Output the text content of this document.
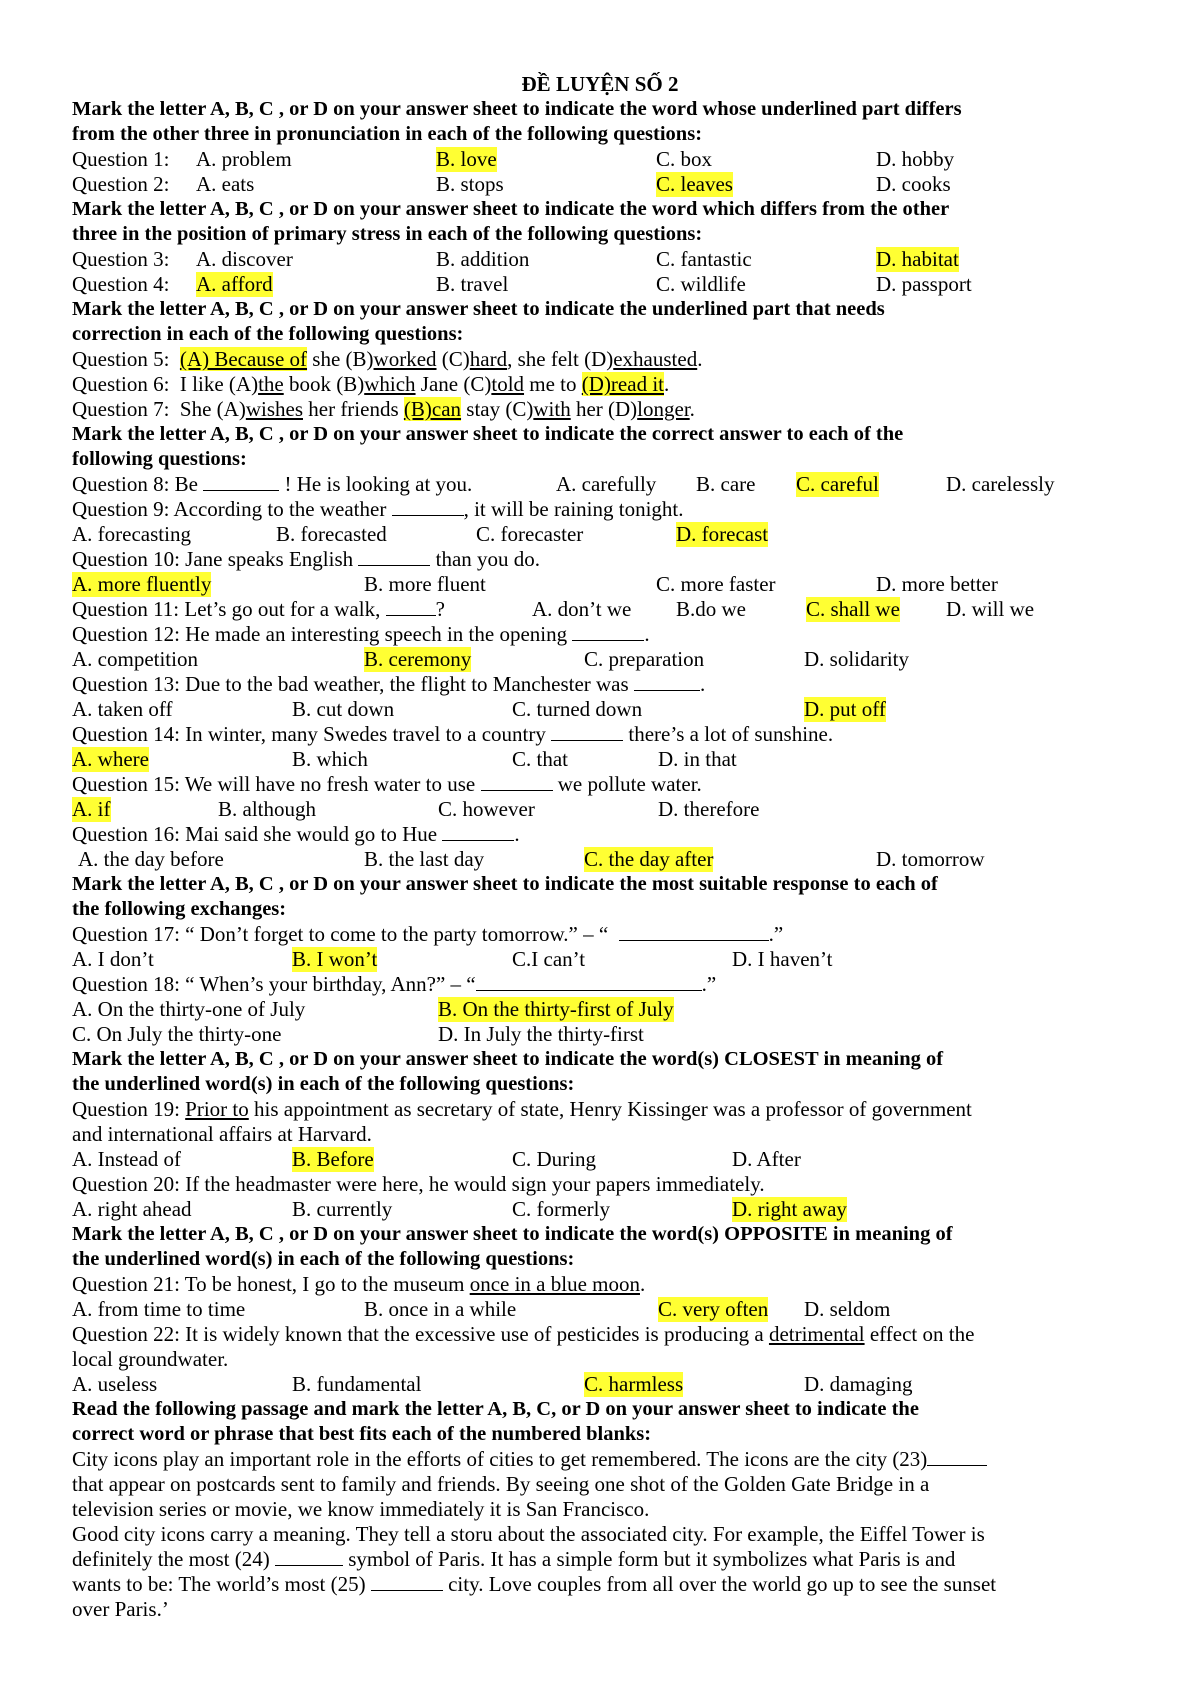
ĐỀ LUYỆN SỐ 2
Mark the letter A, B, C , or D on your answer sheet to indicate the word whose underlined part differs
from the other three in pronunciation in each of the following questions:
Question 1: A. problem	B. love	C. box	D. hobby
Question 2: A. eats	B. stops	C. leaves	D. cooks
Mark the letter A, B, C , or D on your answer sheet to indicate the word which differs from the other
three in the position of primary stress in each of the following questions:
Question 3: A. discover	B. addition	C. fantastic	D. habitat
Question 4: A. afford	B. travel	C. wildlife	D. passport
Mark the letter A, B, C , or D on your answer sheet to indicate the underlined part that needs
correction in each of the following questions:
Question 5: (A) Because of she (B)worked (C)hard, she felt (D)exhausted.
Question 6:  I like (A)the book (B)which Jane (C)told me to (D)read it.
Question 7:  She (A)wishes her friends (B)can stay (C)with her (D)longer.
Mark the letter A, B, C , or D on your answer sheet to indicate the correct answer to each of the
following questions:
Question 8: Be	! He is looking at you.	A. carefully B. care C. careful	D. carelessly
Question 9: According to the weather	, it will be raining tonight.
A. forecasting	B. forecasted	C. forecaster	D. forecast
Question 10: Jane speaks English	than you do.
A. more fluently	B. more fluent	C. more faster	D. more better
Question 11: Let’s go out for a walk, ?	A. don’t we B.do we	C. shall we D. will we
Question 12: He made an interesting speech in the opening	.
A. competition	B. ceremony	C. preparation	D. solidarity
Question 13: Due to the bad weather, the flight to Manchester was	.
A. taken off	B. cut down	C. turned down	D. put off
Question 14: In winter, many Swedes travel to a country	there’s a lot of sunshine.
A. where	B. which	C. that	D. in that
Question 15: We will have no fresh water to use	we pollute water.
A. if	B. although	C. however	D. therefore
Question 16: Mai said she would go to Hue	.
A. the day before	B. the last day	C. the day after	D. tomorrow
Mark the letter A, B, C , or D on your answer sheet to indicate the most suitable response to each of
the following exchanges:
Question 17: “ Don’t forget to come to the party tomorrow.” – “	.”
A. I don’t	B. I won’t	C.I can’t	D. I haven’t
Question 18: “ When’s your birthday, Ann?” – “	.”
A. On the thirty-one of July	B. On the thirty-first of July
C. On July the thirty-one	D. In July the thirty-first
Mark the letter A, B, C , or D on your answer sheet to indicate the word(s) CLOSEST in meaning of
the underlined word(s) in each of the following questions:
Question 19: Prior to his appointment as secretary of state, Henry Kissinger was a professor of government
and international affairs at Harvard.
A. Instead of	B. Before	C. During	D. After
Question 20: If the headmaster were here, he would sign your papers immediately.
A. right ahead	B. currently	C. formerly	D. right away
Mark the letter A, B, C , or D on your answer sheet to indicate the word(s) OPPOSITE in meaning of
the underlined word(s) in each of the following questions:
Question 21: To be honest, I go to the museum once in a blue moon.
A. from time to time	B. once in a while	C. very often D. seldom
Question 22: It is widely known that the excessive use of pesticides is producing a detrimental effect on the
local groundwater.
A. useless	B. fundamental	C. harmless	D. damaging
Read the following passage and mark the letter A, B, C, or D on your answer sheet to indicate the
correct word or phrase that best fits each of the numbered blanks:
City icons play an important role in the efforts of cities to get remembered. The icons are the city (23)
that appear on postcards sent to family and friends. By seeing one shot of the Golden Gate Bridge in a
television series or movie, we know immediately it is San Francisco.
Good city icons carry a meaning. They tell a storu about the associated city. For example, the Eiffel Tower is
definitely the most (24)	symbol of Paris. It has a simple form but it symbolizes what Paris is and
wants to be: The world’s most (25)	city. Love couples from all over the world go up to see the sunset
over Paris.’
